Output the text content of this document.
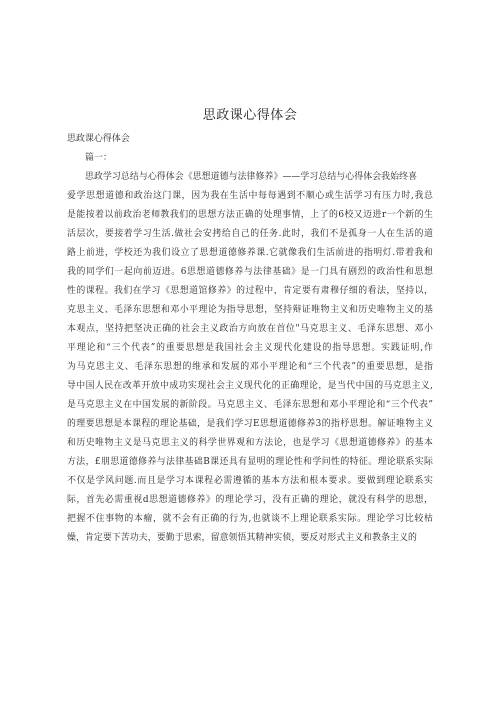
思政课心得体会
思政课心得体会
篇一：
思政学习总结与心得体会《思想道德与法律修养》——学习总结与心得体会我始终喜
爱学思想道德和政治这门课，因为我在生活中每每遇到不顺心或生活学习有压力时,我总
是能按着以前政治老师教我们的思想方法正确的处理事情，上了的6校又迈进r一个新的生
活层次，要接着学习生活.做社会安拷给自己的任务.此时，我们不是孤身一人在生活的道
路上前进，学校还为我们设立了思想道德修养课.它就像我们生活前进的指明灯.带着我和
我的同学们一起向前迈进。6思想道德修养与法律基础》是一门具有剧烈的政治性和思想
性的课程。我们在学习《思想道馆修养》的过程中，肯定要有肃穆仔细的看法，坚持以，
克思主义、毛泽东思想和邓小平理论为指导思想，坚持辩证唯物主义和历史唯物主义的基
本观点，坚持把坚决正确的社会主义政治方向放在首位"马克思主义、毛泽东思想、邓小
平理论和“三个代表”的重要思想是我国社会主义现代化建设的指导思想。实践证明,作
为马克思主义、毛泽东思想的维承和发展的邓小平理论和“三个代表”的重要思想，是指
导中国人民在改革开放中成功实现社会主义现代化的正确理论，是当代中国的马克思主义,
是马克思主义在中国发展的新阶段。马克思主义、毛泽东思想和邓小平理论和“三个代表”
的理要思想是本课程的理论基础，是我们学习E思想道德修养3的指杼思想。解证唯物主义
和历史唯物主义是马克思主义的科学世界观和方法论，也是学习《思想道德修养》的基本
方法，£朋思道德修养与法律基础B课还具有显明的理论性和学问性的特征。理论联系实际
不仅是学风问题.而且是学习本课程必需遵循的基本方法和根本要求。要做到理论联系实
际，首先必需重视d思想道德修养》的理论学习，没有正确的理论，就没有科学的思想，
把握不住事物的本瘤，就不会有正确的行为,也就谈不上理论联系实际。理论学习比较枯
燥，肯定要下苦功夫，要勤于思索，留意领悟其精神实侦，要反对形式主义和教条主义的
